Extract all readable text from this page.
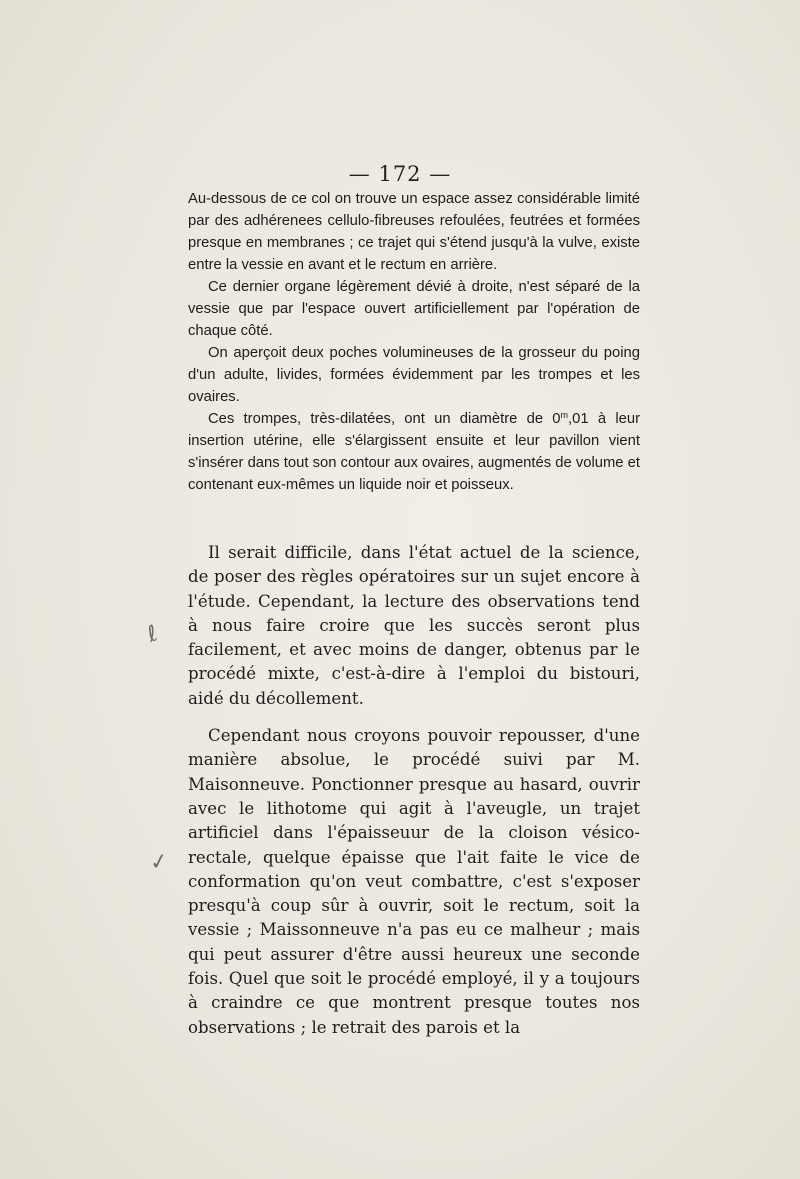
— 172 —

Au-dessous de ce col on trouve un espace assez considérable limité par des adhérenees cellulo-fibreuses refoulées, feutrées et formées presque en membranes ; ce trajet qui s'étend jusqu'à la vulve, existe entre la vessie en avant et le rectum en arrière.

Ce dernier organe légèrement dévié à droite, n'est séparé de la vessie que par l'espace ouvert artificiellement par l'opération de chaque côté.

On aperçoit deux poches volumineuses de la grosseur du poing d'un adulte, livides, formées évidemment par les trompes et les ovaires.

Ces trompes, très-dilatées, ont un diamètre de 0$^m$,01 à leur insertion utérine, elle s'élargissent ensuite et leur pavillon vient s'insérer dans tout son contour aux ovaires, augmentés de volume et contenant eux-mêmes un liquide noir et poisseux.

Il serait difficile, dans l'état actuel de la science, de poser des règles opératoires sur un sujet encore à l'étude. Cependant, la lecture des observations tend à nous faire croire que les succès seront plus facilement, et avec moins de danger, obtenus par le procédé mixte, c'est-à-dire à l'emploi du bistouri, aidé du décollement.

Cependant nous croyons pouvoir repousser, d'une manière absolue, le procédé suivi par M. Maisonneuve. Ponctionner presque au hasard, ouvrir avec le lithotome qui agit à l'aveugle, un trajet artificiel dans l'épaisseuur de la cloison vésico-rectale, quelque épaisse que l'ait faite le vice de conformation qu'on veut combattre, c'est s'exposer presqu'à coup sûr à ouvrir, soit le rectum, soit la vessie ; Maissonneuve n'a pas eu ce malheur ; mais qui peut assurer d'être aussi heureux une seconde fois. Quel que soit le procédé employé, il y a toujours à craindre ce que montrent presque toutes nos observations ; le retrait des parois et la

ℓ
✓
